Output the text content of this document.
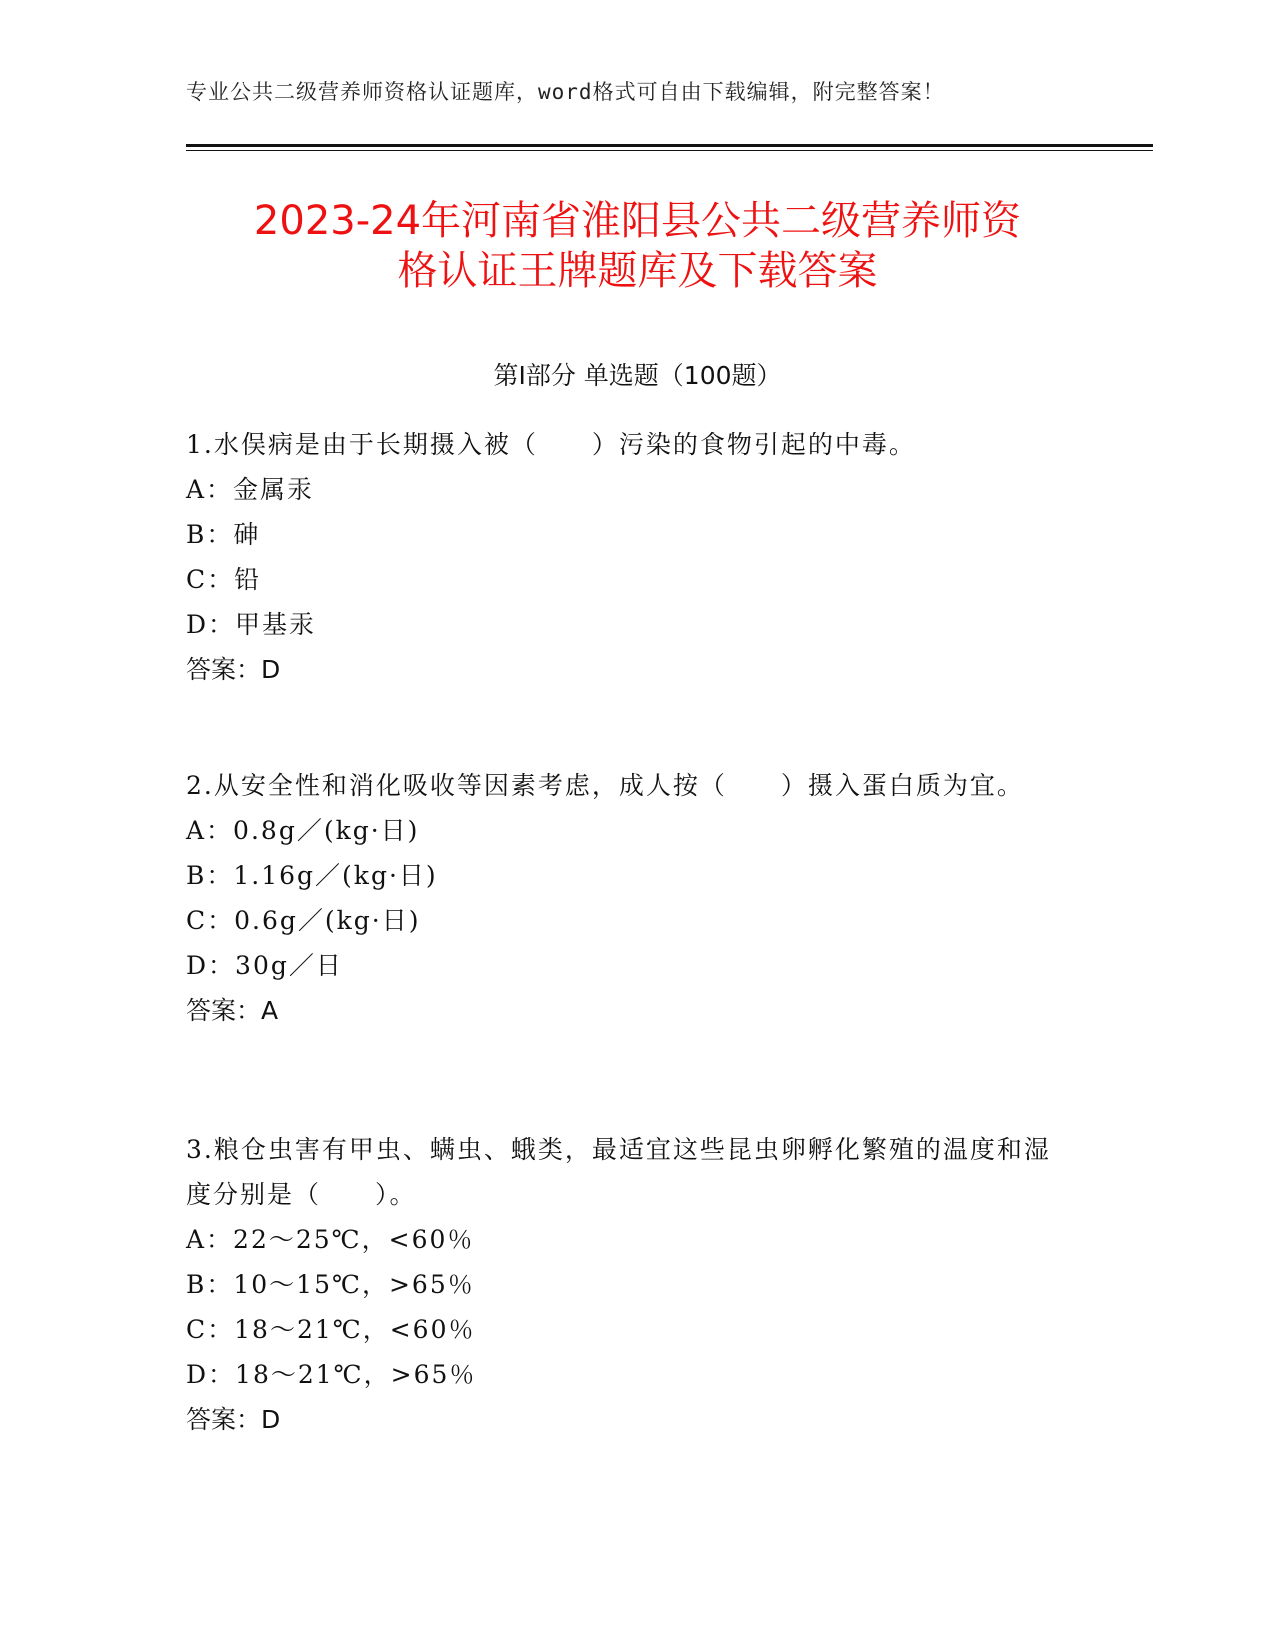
专业公共二级营养师资格认证题库，word格式可自由下载编辑，附完整答案！
2023-24年河南省淮阳县公共二级营养师资
格认证王牌题库及下载答案
第Ⅰ部分 单选题（100题）

1.水俣病是由于长期摄入被（　　）污染的食物引起的中毒。

A：金属汞

B：砷

C：铅

D：甲基汞

答案：D

2.从安全性和消化吸收等因素考虑，成人按（　　）摄入蛋白质为宜。

A：0.8g／(kg·日)

B：1.16g／(kg·日)

C：0.6g／(kg·日)

D：30g／日

答案：A

3.粮仓虫害有甲虫、螨虫、蛾类，最适宜这些昆虫卵孵化繁殖的温度和湿度分别是（　　）。

A：22～25℃，<60％

B：10～15℃，>65％

C：18～21℃，<60％

D：18～21℃，>65％

答案：D
